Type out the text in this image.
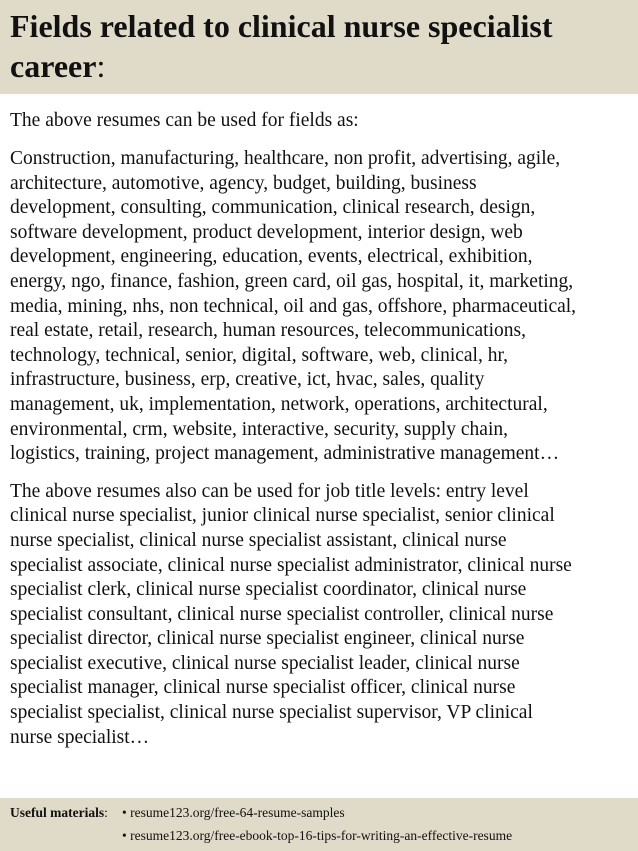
Fields related to clinical nurse specialist career:

The above resumes can be used for fields as:

Construction, manufacturing, healthcare, non profit, advertising, agile,
architecture, automotive, agency, budget, building, business
development, consulting, communication, clinical research, design,
software development, product development, interior design, web
development, engineering, education, events, electrical, exhibition,
energy, ngo, finance, fashion, green card, oil gas, hospital, it, marketing,
media, mining, nhs, non technical, oil and gas, offshore, pharmaceutical,
real estate, retail, research, human resources, telecommunications,
technology, technical, senior, digital, software, web, clinical, hr,
infrastructure, business, erp, creative, ict, hvac, sales, quality
management, uk, implementation, network, operations, architectural,
environmental, crm, website, interactive, security, supply chain,
logistics, training, project management, administrative management…

The above resumes also can be used for job title levels: entry level
clinical nurse specialist, junior clinical nurse specialist, senior clinical
nurse specialist, clinical nurse specialist assistant, clinical nurse
specialist associate, clinical nurse specialist administrator, clinical nurse
specialist clerk, clinical nurse specialist coordinator, clinical nurse
specialist consultant, clinical nurse specialist controller, clinical nurse
specialist director, clinical nurse specialist engineer, clinical nurse
specialist executive, clinical nurse specialist leader, clinical nurse
specialist manager, clinical nurse specialist officer, clinical nurse
specialist specialist, clinical nurse specialist supervisor, VP clinical
nurse specialist…

Useful materials: • resume123.org/free-64-resume-samples
• resume123.org/free-ebook-top-16-tips-for-writing-an-effective-resume
